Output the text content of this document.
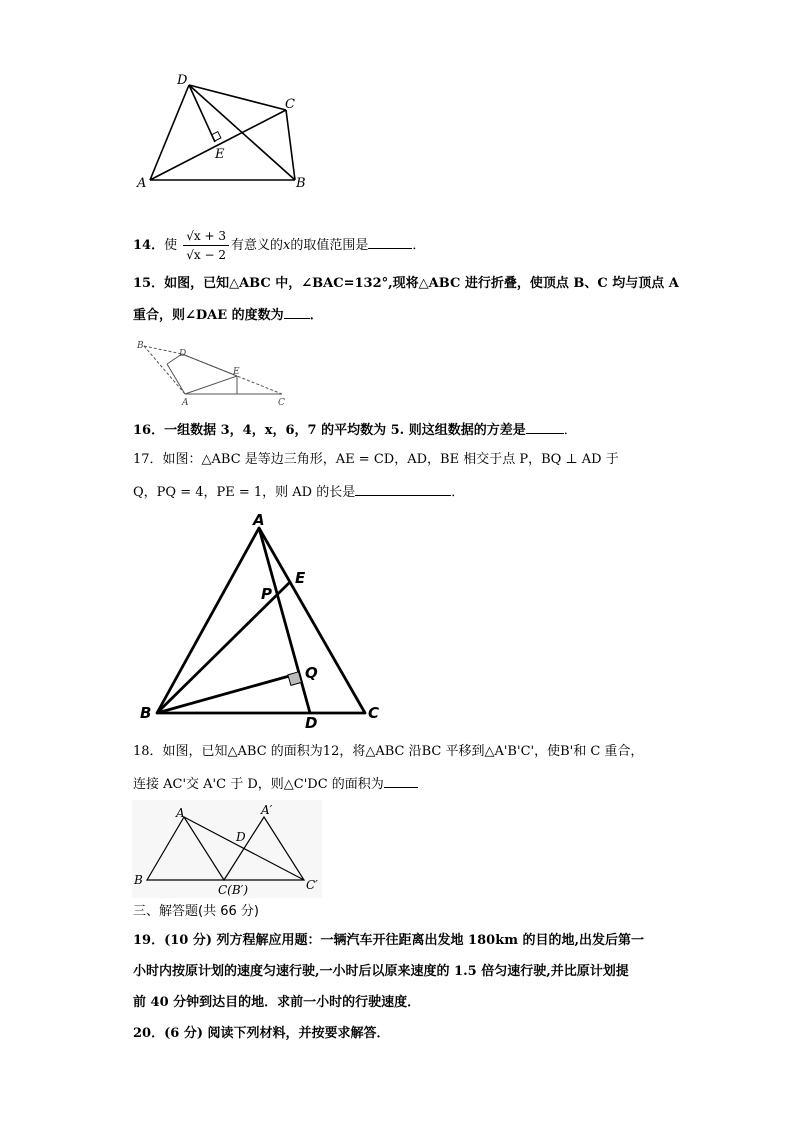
D
C
E
A	B
14．使 $\frac{√x + 3}{√x - 2}$ 有意义的x的取值范围是	．
15．如图，已知△ABC 中，∠BAC=132°,现将△ABC 进行折叠，使顶点 B、C 均与顶点 A
重合，则∠DAE 的度数为 ．
B
D
E
A	C
16．一组数据 3，4，x，6，7 的平均数为 5. 则这组数据的方差是	．
17．如图：△ABC 是等边三角形，AE = CD，AD，BE 相交于点 P，BQ ⊥ AD 于
Q，PQ = 4，PE = 1，则 AD 的长是	．
A
E
P
Q
B
D
C
18．如图，已知△ABC 的面积为12，将△ABC 沿BC 平移到△A'B'C'，使B'和 C 重合，
连接 AC'交 A'C 于 D，则△C'DC 的面积为
A	A′
D
B
C(B′)	C′
三、解答题(共 66 分)
19．(10 分) 列方程解应用题：一辆汽车开往距离出发地 180km 的目的地,出发后第一
小时内按原计划的速度匀速行驶,一小时后以原来速度的 1.5 倍匀速行驶,并比原计划提
前 40 分钟到达目的地．求前一小时的行驶速度．
20．(6 分) 阅读下列材料，并按要求解答．
